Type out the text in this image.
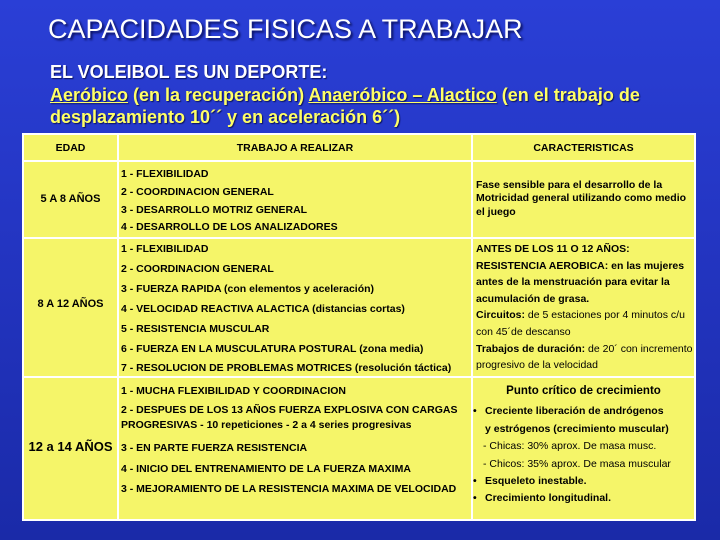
CAPACIDADES FISICAS A TRABAJAR
EL VOLEIBOL ES UN DEPORTE:
Aeróbico (en la recuperación) Anaeróbico – Alactico (en el trabajo de desplazamiento 10´´ y en aceleración 6´´)
EDAD	TRABAJO A REALIZAR	CARACTERISTICAS
5 A 8 AÑOS
1 - FLEXIBILIDAD
2 - COORDINACION GENERAL
3 - DESARROLLO MOTRIZ GENERAL
4 - DESARROLLO DE LOS ANALIZADORES
Fase sensible para el desarrollo de la
Motricidad general utilizando como medio
el juego
8 A 12 AÑOS
1 - FLEXIBILIDAD
2 - COORDINACION GENERAL
3 - FUERZA RAPIDA (con elementos y aceleración)
4 - VELOCIDAD REACTIVA ALACTICA (distancias cortas)
5 - RESISTENCIA MUSCULAR
6 - FUERZA EN LA MUSCULATURA POSTURAL (zona media)
7 - RESOLUCION DE PROBLEMAS MOTRICES (resolución táctica)
ANTES DE LOS 11 O 12 AÑOS:
RESISTENCIA AEROBICA: en las mujeres
antes de la menstruación para evitar la
acumulación de grasa.
Circuitos: de 5 estaciones por 4 minutos c/u
con 45´de descanso
Trabajos de duración: de 20´ con incremento
progresivo de la velocidad
12 a 14 AÑOS
1 - MUCHA FLEXIBILIDAD Y COORDINACION
2 - DESPUES DE LOS 13 AÑOS FUERZA EXPLOSIVA CON CARGAS
PROGRESIVAS - 10 repeticiones - 2 a 4 series progresivas
3 - EN PARTE FUERZA RESISTENCIA
4 - INICIO DEL ENTRENAMIENTO DE LA FUERZA MAXIMA
3 - MEJORAMIENTO DE LA RESISTENCIA MAXIMA DE VELOCIDAD
Punto crítico de crecimiento
• Creciente liberación de andrógenos
y estrógenos (crecimiento muscular)
- Chicas: 30% aprox. De masa musc.
- Chicos: 35% aprox. De masa muscular
• Esqueleto inestable.
• Crecimiento longitudinal.
